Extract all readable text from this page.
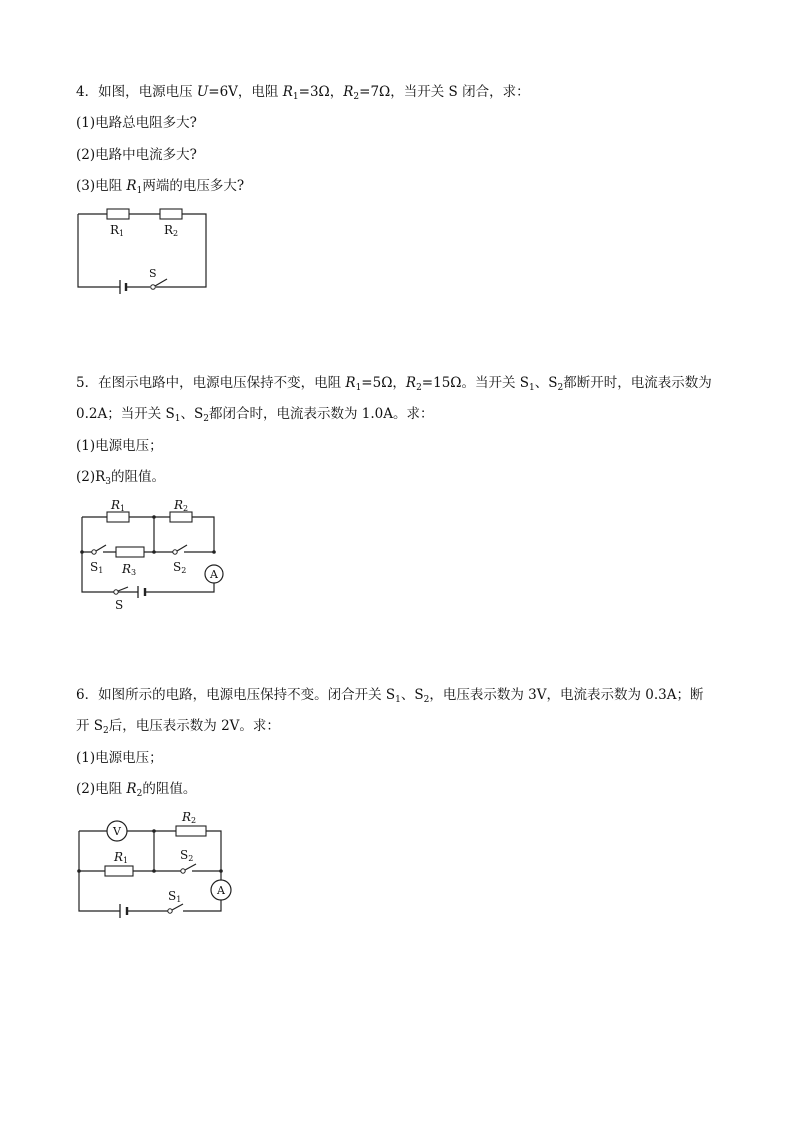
4．如图，电源电压 U=6V，电阻 $R_1=3\Omega$，$R_2=7\Omega$，当开关 S 闭合，求：
(1)电路总电阻多大?
(2)电路中电流多大?
(3)电阻 $R_1$两端的电压多大?
R1	R2
S
5．在图示电路中，电源电压保持不变，电阻 $R_1=5\Omega$，$R_2=15\Omega$。当开关 $S_1$、$S_2$都断开时，电流表示数为
0.2A；当开关 $S_1$、$S_2$都闭合时，电流表示数为 1.0A。求：
(1)电源电压；
$(2)R_3$的阻值。
R1	R2
R3
S1	S2 A
S
6．如图所示的电路，电源电压保持不变。闭合开关 $S_1$、$S_2$，电压表示数为 3V，电流表示数为 0.3A；断
开 $S_2$后，电压表示数为 2V。求：
(1)电源电压；
(2)电阻 $R_2$的阻值。
V
R2
R1	S2
A
S1
